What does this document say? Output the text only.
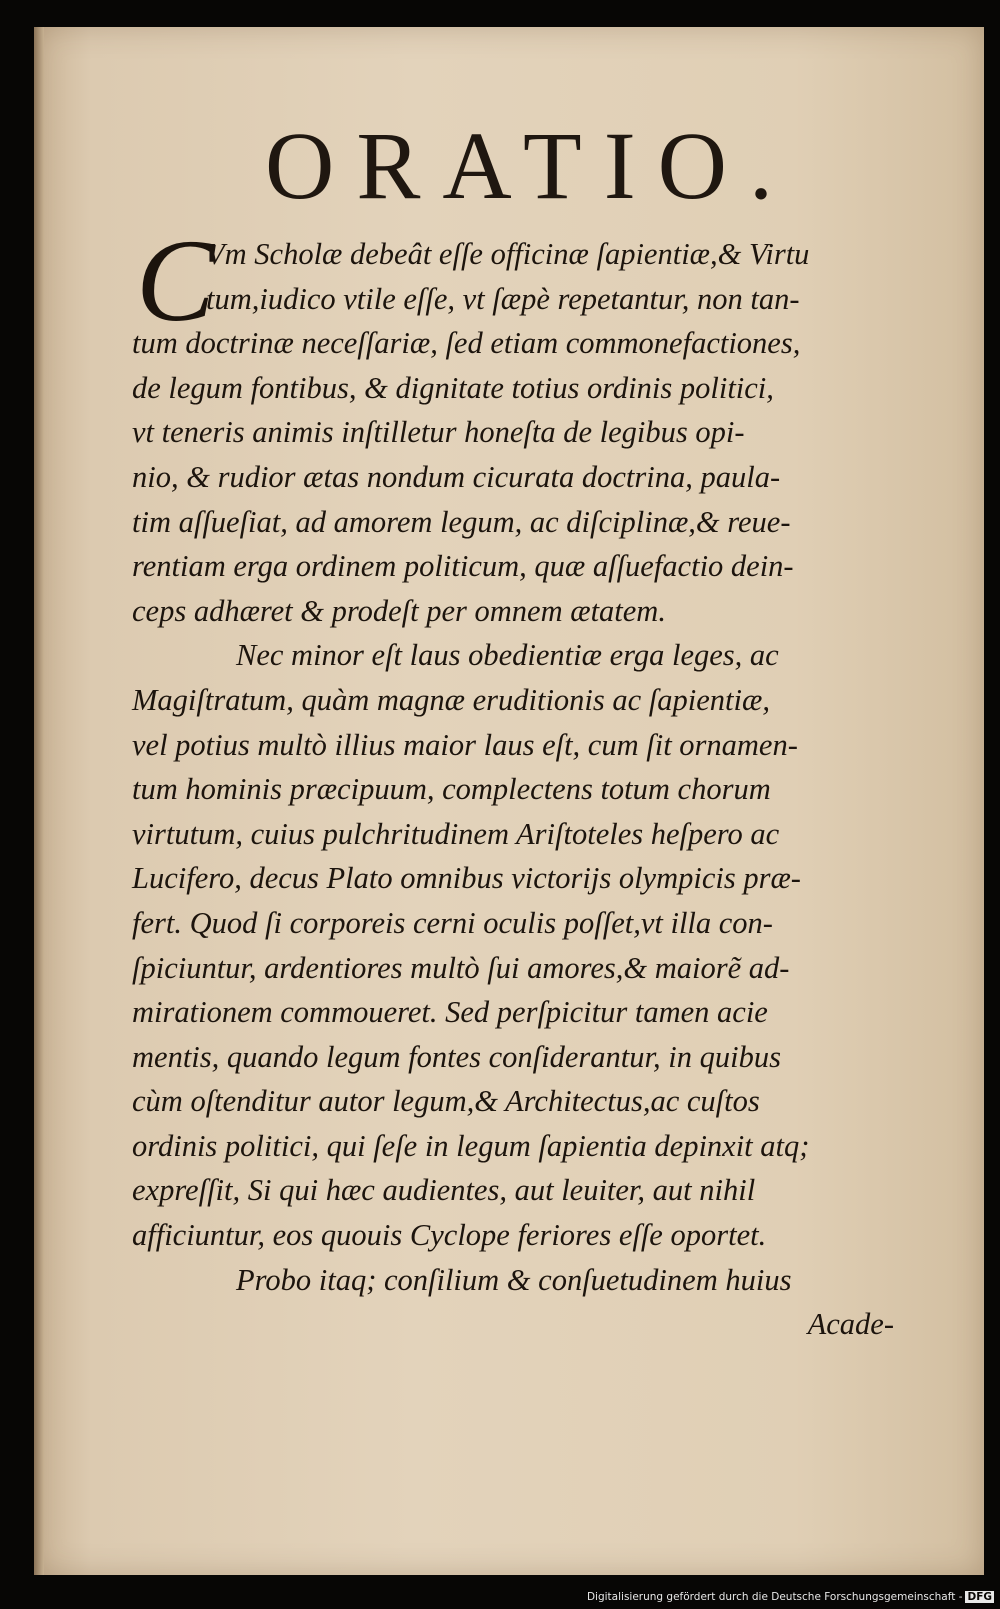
ORATIO.
C
Vm Scholæ debeât eſſe officinæ ſapientiæ,& Virtu
tum,iudico vtile eſſe, vt ſæpè repetantur, non tan-
tum doctrinæ neceſſariæ, ſed etiam commonefactiones,
de legum fontibus, & dignitate totius ordinis politici,
vt teneris animis inſtilletur honeſta de legibus opi-
nio, & rudior ætas nondum cicurata doctrina, paula-
tim aſſueſiat, ad amorem legum, ac diſciplinæ,& reue-
rentiam erga ordinem politicum, quæ aſſuefactio dein-
ceps adhæret & prodeſt per omnem ætatem.
Nec minor eſt laus obedientiæ erga leges, ac
Magiſtratum, quàm magnæ eruditionis ac ſapientiæ,
vel potius multò illius maior laus eſt, cum ſit ornamen-
tum hominis præcipuum, complectens totum chorum
virtutum, cuius pulchritudinem Ariſtoteles heſpero ac
Lucifero, decus Plato omnibus victorijs olympicis præ-
fert. Quod ſi corporeis cerni oculis poſſet,vt illa con-
ſpiciuntur, ardentiores multò ſui amores,& maiorẽ ad-
mirationem commoueret. Sed perſpicitur tamen acie
mentis, quando legum fontes conſiderantur, in quibus
cùm oſtenditur autor legum,& Architectus,ac cuſtos
ordinis politici, qui ſeſe in legum ſapientia depinxit atq;
expreſſit, Si qui hæc audientes, aut leuiter, aut nihil
afficiuntur, eos quouis Cyclope feriores eſſe oportet.
Probo itaq; conſilium & conſuetudinem huius
Acade-
Digitalisierung gefördert durch die Deutsche Forschungsgemeinschaft - DFG
